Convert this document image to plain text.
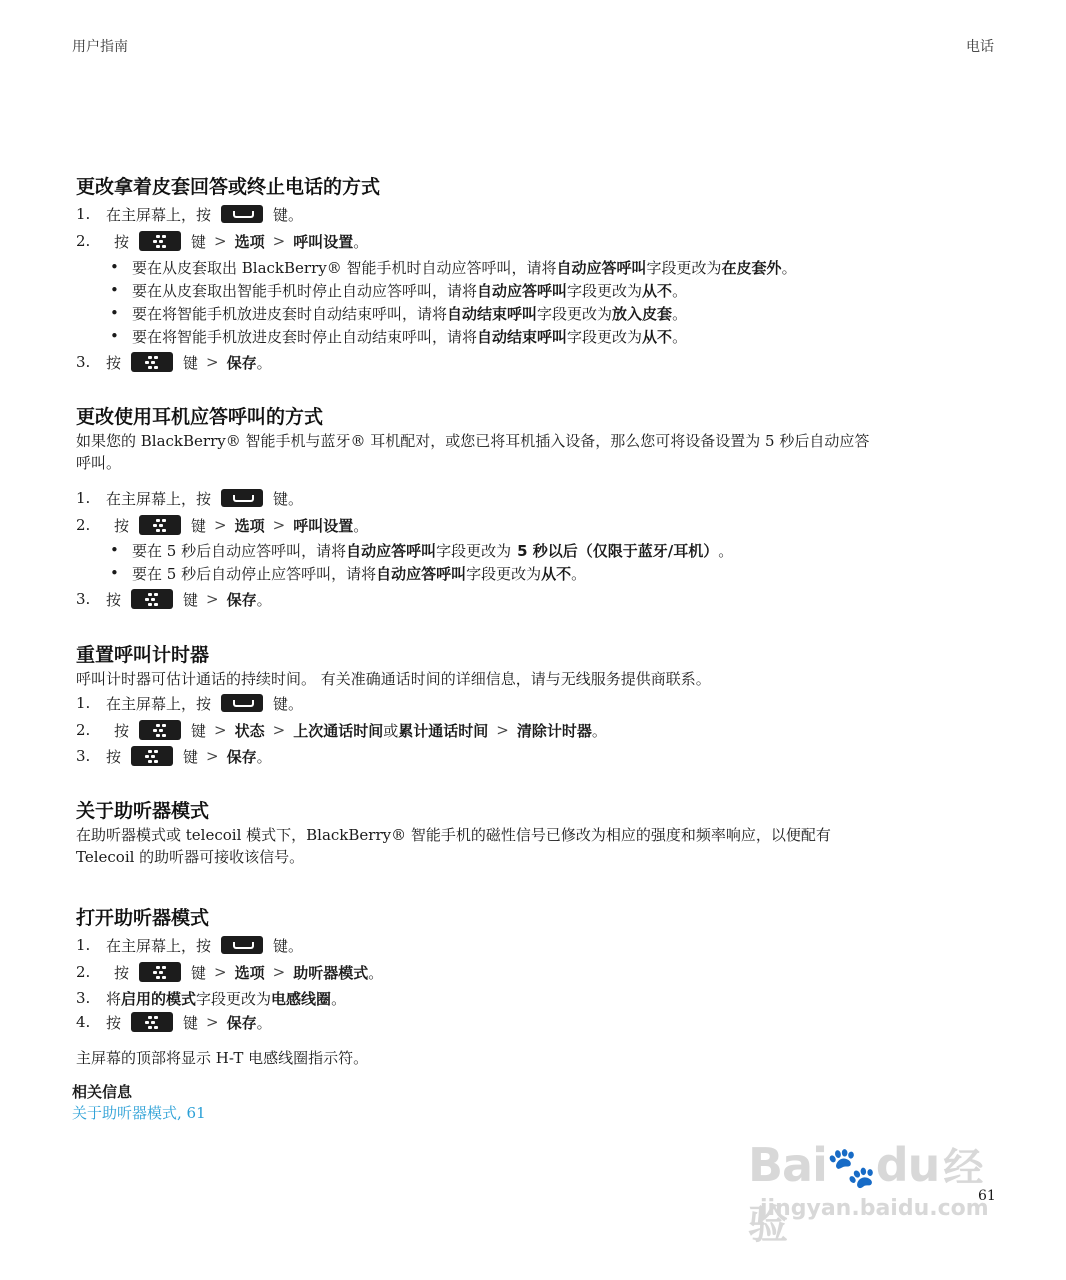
用户指南	电话
更改拿着皮套回答或终止电话的方式
1.	在主屏幕上，按	键。
2.	按	键 > 选项 > 呼叫设置 。
• 要在从皮套取出 BlackBerry® 智能手机时自动应答呼叫，请将 自动应答呼叫 字段更改为 在皮套外 。
• 要在从皮套取出智能手机时停止自动应答呼叫，请将 自动应答呼叫 字段更改为 从不 。
• 要在将智能手机放进皮套时自动结束呼叫，请将 自动结束呼叫 字段更改为 放入皮套 。
• 要在将智能手机放进皮套时停止自动结束呼叫，请将 自动结束呼叫 字段更改为 从不 。
3.	按	键 > 保存 。
更改使用耳机应答呼叫的方式
如果您的 BlackBerry® 智能手机与蓝牙® 耳机配对，或您已将耳机插入设备，那么您可将设备设置为 5 秒后自动应答
呼叫。
1.	在主屏幕上，按	键。
2.	按	键 > 选项 > 呼叫设置 。
• 要在 5 秒后自动应答呼叫，请将 自动应答呼叫 字段更改为 5 秒以后（仅限于蓝牙/耳机） 。
• 要在 5 秒后自动停止应答呼叫，请将 自动应答呼叫 字段更改为 从不 。
3.	按	键 > 保存 。
重置呼叫计时器
呼叫计时器可估计通话的持续时间。 有关准确通话时间的详细信息，请与无线服务提供商联系。
1.	在主屏幕上，按	键。
2.	按	键 > 状态 > 上次通话时间 或 累计通话时间 > 清除计时器 。
3.	按	键 > 保存 。
关于助听器模式
在助听器模式或 telecoil 模式下，BlackBerry® 智能手机的磁性信号已修改为相应的强度和频率响应，以便配有
Telecoil 的助听器可接收该信号。
打开助听器模式
1.	在主屏幕上，按	键。
2.	按	键 > 选项 > 助听器模式 。
3.	将 启用的模式 字段更改为 电感线圈 。
4.	按	键 > 保存 。
主屏幕的顶部将显示 H-T 电感线圈指示符。
相关信息
关于助听器模式, 61
61
Bai🐾du 经验
jingyan.baidu.com
